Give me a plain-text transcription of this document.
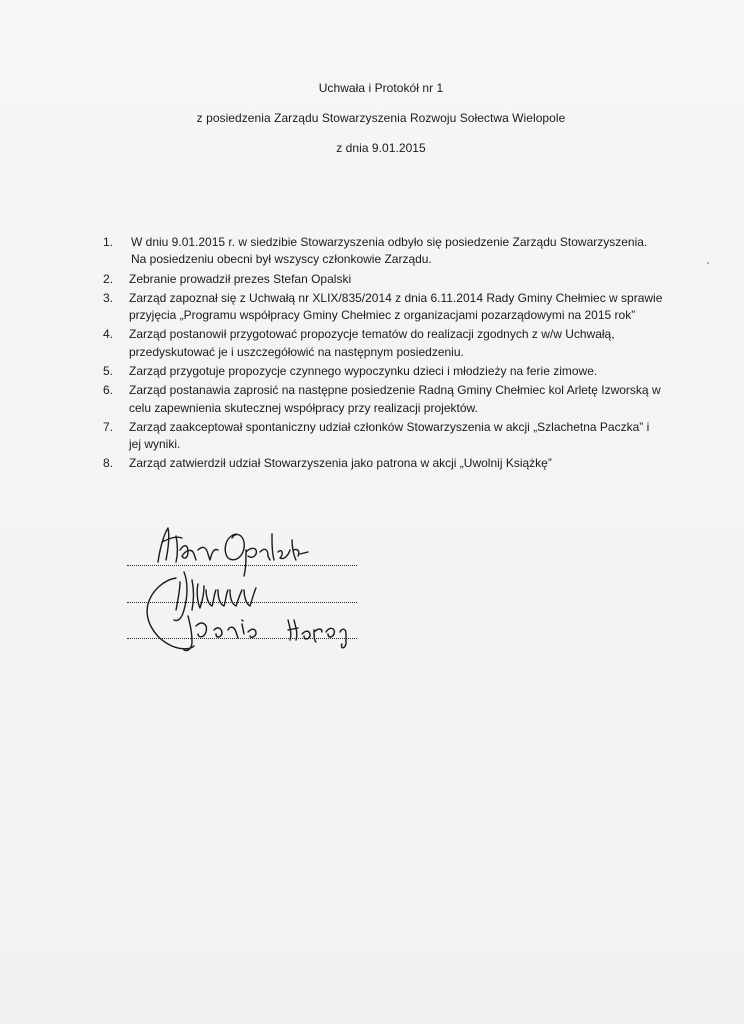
Uchwała i Protokół nr 1
z posiedzenia Zarządu Stowarzyszenia Rozwoju Sołectwa Wielopole
z dnia 9.01.2015
1. W dniu 9.01.2015 r. w siedzibie Stowarzyszenia odbyło się posiedzenie Zarządu Stowarzyszenia. Na posiedzeniu obecni był wszyscy członkowie Zarządu.
2. Zebranie prowadził prezes Stefan Opalski
3. Zarząd zapoznał się z Uchwałą nr XLIX/835/2014 z dnia 6.11.2014 Rady Gminy Chełmiec w sprawie przyjęcia „Programu współpracy Gminy Chełmiec z organizacjami pozarządowymi na 2015 rok”
4. Zarząd postanowił przygotować propozycje tematów do realizacji zgodnych z w/w Uchwałą, przedyskutować je i uszczegółowić na następnym posiedzeniu.
5. Zarząd przygotuje propozycje czynnego wypoczynku dzieci i młodzieży na ferie zimowe.
6. Zarząd postanawia zaprosić na następne posiedzenie Radną Gminy Chełmiec kol Arletę Izworską w celu zapewnienia skutecznej współpracy przy realizacji projektów.
7. Zarząd zaakceptował spontaniczny udział członków Stowarzyszenia w akcji „Szlachetna Paczka” i jej wyniki.
8. Zarząd zatwierdził udział Stowarzyszenia jako patrona w akcji „Uwolnij Książkę”
